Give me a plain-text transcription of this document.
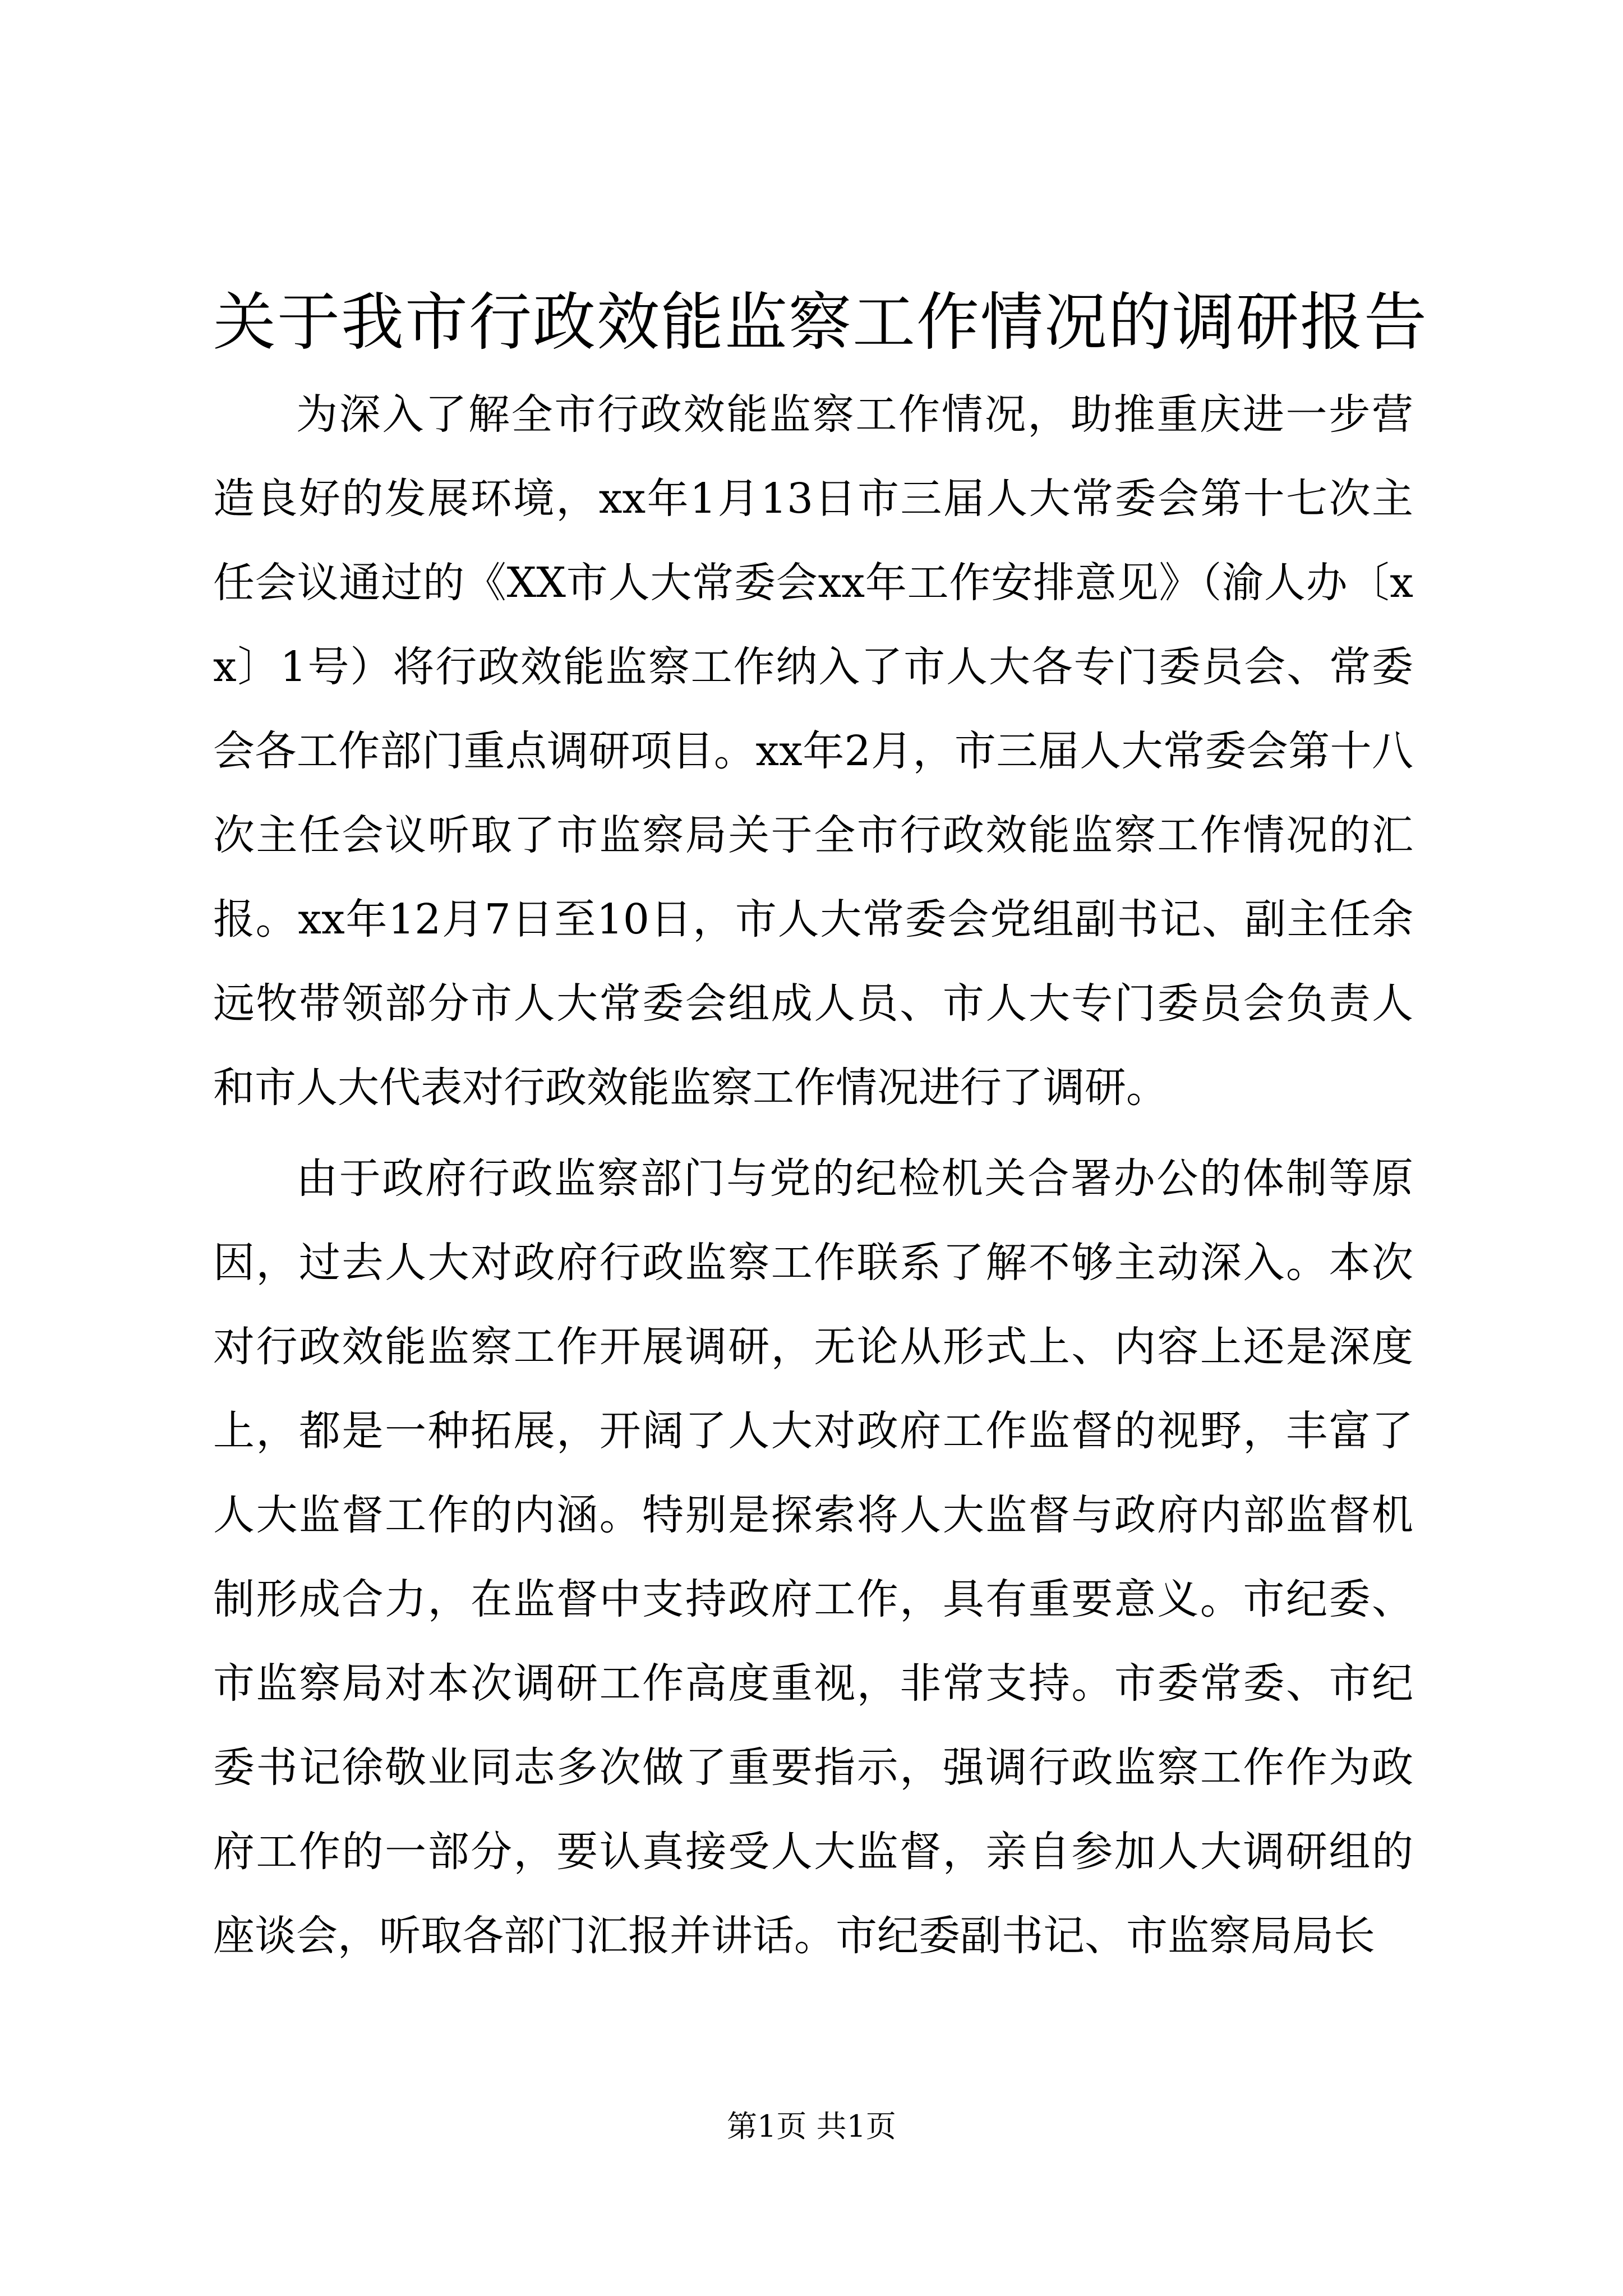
关于我市行政效能监察工作情况的调研报告

为深入了解全市行政效能监察工作情况，助推重庆进一步营造良好的发展环境，xx年1月13日市三届人大常委会第十七次主任会议通过的《XX市人大常委会xx年工作安排意见》（渝人办〔xx〕1号）将行政效能监察工作纳入了市人大各专门委员会、常委会各工作部门重点调研项目。xx年2月，市三届人大常委会第十八次主任会议听取了市监察局关于全市行政效能监察工作情况的汇报。xx年12月7日至10日，市人大常委会党组副书记、副主任余远牧带领部分市人大常委会组成人员、市人大专门委员会负责人和市人大代表对行政效能监察工作情况进行了调研。

由于政府行政监察部门与党的纪检机关合署办公的体制等原因，过去人大对政府行政监察工作联系了解不够主动深入。本次对行政效能监察工作开展调研，无论从形式上、内容上还是深度上，都是一种拓展，开阔了人大对政府工作监督的视野，丰富了人大监督工作的内涵。特别是探索将人大监督与政府内部监督机制形成合力，在监督中支持政府工作，具有重要意义。市纪委、市监察局对本次调研工作高度重视，非常支持。市委常委、市纪委书记徐敬业同志多次做了重要指示，强调行政监察工作作为政府工作的一部分，要认真接受人大监督，亲自参加人大调研组的座谈会，听取各部门汇报并讲话。市纪委副书记、市监察局局长

第1页 共1页
